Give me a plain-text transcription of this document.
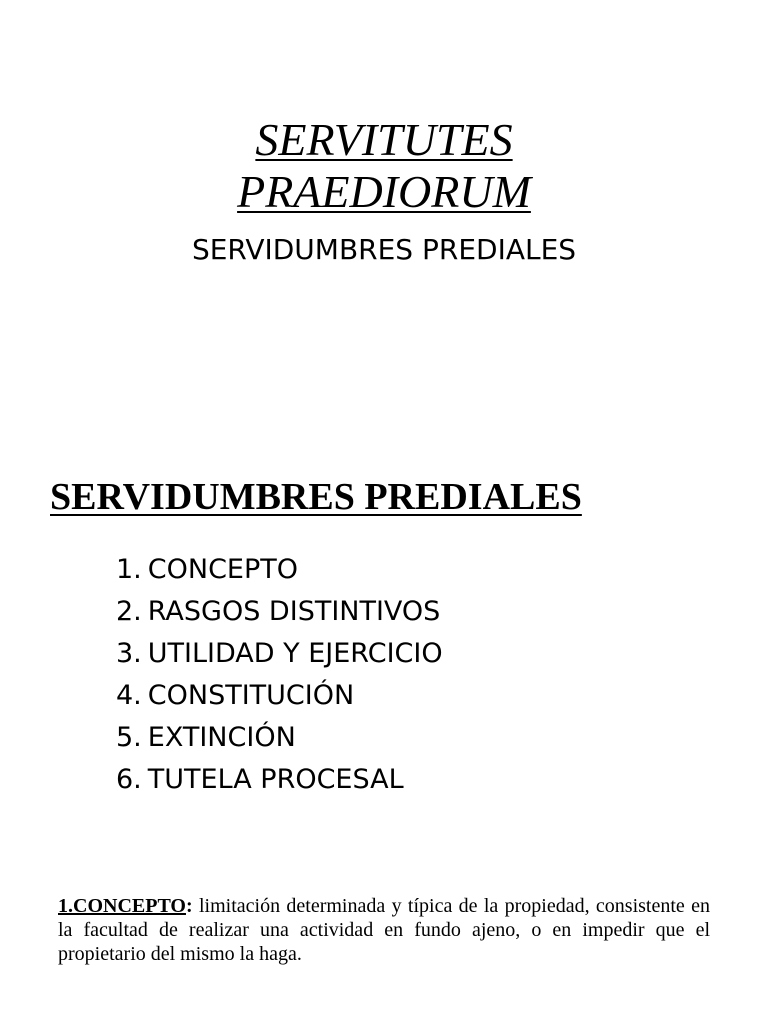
SERVITUTES
PRAEDIORUM
SERVIDUMBRES PREDIALES
SERVIDUMBRES PREDIALES
1. CONCEPTO
2. RASGOS DISTINTIVOS
3. UTILIDAD Y EJERCICIO
4. CONSTITUCIÓN
5. EXTINCIÓN
6. TUTELA PROCESAL

1.CONCEPTO: limitación determinada y típica de la propiedad, consistente en la facultad de realizar una actividad en fundo ajeno, o en impedir que el propietario del mismo la haga.
